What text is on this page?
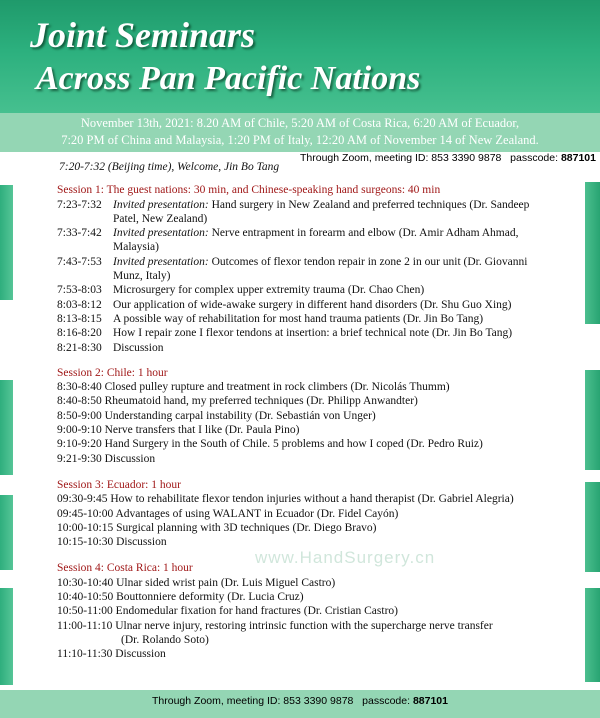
Joint Seminars
Across Pan Pacific Nations
November 13th, 2021: 8.20 AM of Chile, 5:20 AM of Costa Rica, 6:20 AM of Ecuador,
7:20 PM of China and Malaysia, 1:20 PM of Italy, 12:20 AM of November 14 of New Zealand.
Through Zoom, meeting ID: 853 3390 9878 passcode: 887101
7:20-7:32 (Beijing time), Welcome, Jin Bo Tang
Session 1: The guest nations: 30 min, and Chinese-speaking hand surgeons: 40 min
7:23-7:32 Invited presentation: Hand surgery in New Zealand and preferred techniques (Dr. Sandeep
Patel, New Zealand)
7:33-7:42 Invited presentation: Nerve entrapment in forearm and elbow (Dr. Amir Adham Ahmad,
Malaysia)
7:43-7:53 Invited presentation: Outcomes of flexor tendon repair in zone 2 in our unit (Dr. Giovanni
Munz, Italy)
7:53-8:03 Microsurgery for complex upper extremity trauma (Dr. Chao Chen)
8:03-8:12 Our application of wide-awake surgery in different hand disorders (Dr. Shu Guo Xing)
8:13-8:15 A possible way of rehabilitation for most hand trauma patients (Dr. Jin Bo Tang)
8:16-8:20 How I repair zone I flexor tendons at insertion: a brief technical note (Dr. Jin Bo Tang)
8:21-8:30 Discussion
Session 2: Chile: 1 hour
8:30-8:40 Closed pulley rupture and treatment in rock climbers (Dr. Nicolás Thumm)
8:40-8:50 Rheumatoid hand, my preferred techniques (Dr. Philipp Anwandter)
8:50-9:00 Understanding carpal instability (Dr. Sebastián von Unger)
9:00-9:10 Nerve transfers that I like (Dr. Paula Pino)
9:10-9:20 Hand Surgery in the South of Chile. 5 problems and how I coped (Dr. Pedro Ruiz)
9:21-9:30 Discussion
Session 3: Ecuador: 1 hour
09:30-9:45 How to rehabilitate flexor tendon injuries without a hand therapist (Dr. Gabriel Alegria)
09:45-10:00 Advantages of using WALANT in Ecuador (Dr. Fidel Cayón)
10:00-10:15 Surgical planning with 3D techniques (Dr. Diego Bravo)
10:15-10:30 Discussion
Session 4: Costa Rica: 1 hour
10:30-10:40 Ulnar sided wrist pain (Dr. Luis Miguel Castro)
10:40-10:50 Bouttonniere deformity (Dr. Lucia Cruz)
10:50-11:00 Endomedular fixation for hand fractures (Dr. Cristian Castro)
11:00-11:10 Ulnar nerve injury, restoring intrinsic function with the supercharge nerve transfer
(Dr. Rolando Soto)
11:10-11:30 Discussion
www.HandSurgery.cn
Through Zoom, meeting ID: 853 3390 9878 passcode: 887101
